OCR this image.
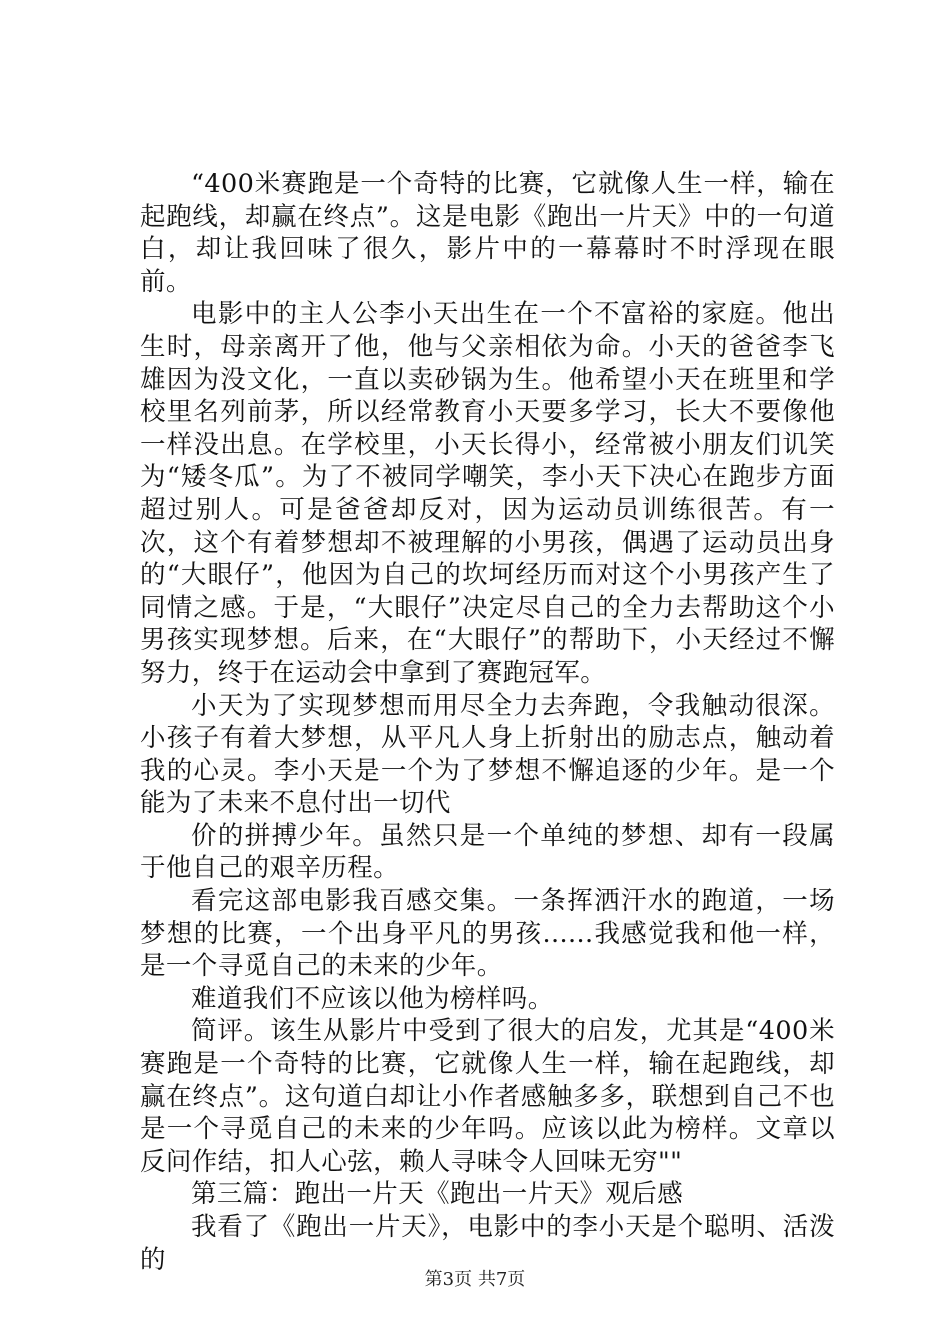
“400米赛跑是一个奇特的比赛，它就像人生一样，输在起跑线，却赢在终点”。这是电影《跑出一片天》中的一句道白，却让我回味了很久，影片中的一幕幕时不时浮现在眼前。

电影中的主人公李小天出生在一个不富裕的家庭。他出生时，母亲离开了他，他与父亲相依为命。小天的爸爸李飞雄因为没文化，一直以卖砂锅为生。他希望小天在班里和学校里名列前茅，所以经常教育小天要多学习，长大不要像他一样没出息。在学校里，小天长得小，经常被小朋友们讥笑为“矮冬瓜”。为了不被同学嘲笑，李小天下决心在跑步方面超过别人。可是爸爸却反对，因为运动员训练很苦。有一次，这个有着梦想却不被理解的小男孩，偶遇了运动员出身的“大眼仔”，他因为自己的坎坷经历而对这个小男孩产生了同情之感。于是，“大眼仔”决定尽自己的全力去帮助这个小男孩实现梦想。后来，在“大眼仔”的帮助下，小天经过不懈努力，终于在运动会中拿到了赛跑冠军。

小天为了实现梦想而用尽全力去奔跑，令我触动很深。小孩子有着大梦想，从平凡人身上折射出的励志点，触动着我的心灵。李小天是一个为了梦想不懈追逐的少年。是一个能为了未来不息付出一切代

价的拼搏少年。虽然只是一个单纯的梦想、却有一段属于他自己的艰辛历程。

看完这部电影我百感交集。一条挥洒汗水的跑道，一场梦想的比赛，一个出身平凡的男孩......我感觉我和他一样，是一个寻觅自己的未来的少年。

难道我们不应该以他为榜样吗。

简评。该生从影片中受到了很大的启发，尤其是“400米赛跑是一个奇特的比赛，它就像人生一样，输在起跑线，却赢在终点”。这句道白却让小作者感触多多，联想到自己不也是一个寻觅自己的未来的少年吗。应该以此为榜样。文章以反问作结，扣人心弦，赖人寻味令人回味无穷""

第三篇：跑出一片天《跑出一片天》观后感

我看了《跑出一片天》，电影中的李小天是个聪明、活泼的

第3页 共7页
